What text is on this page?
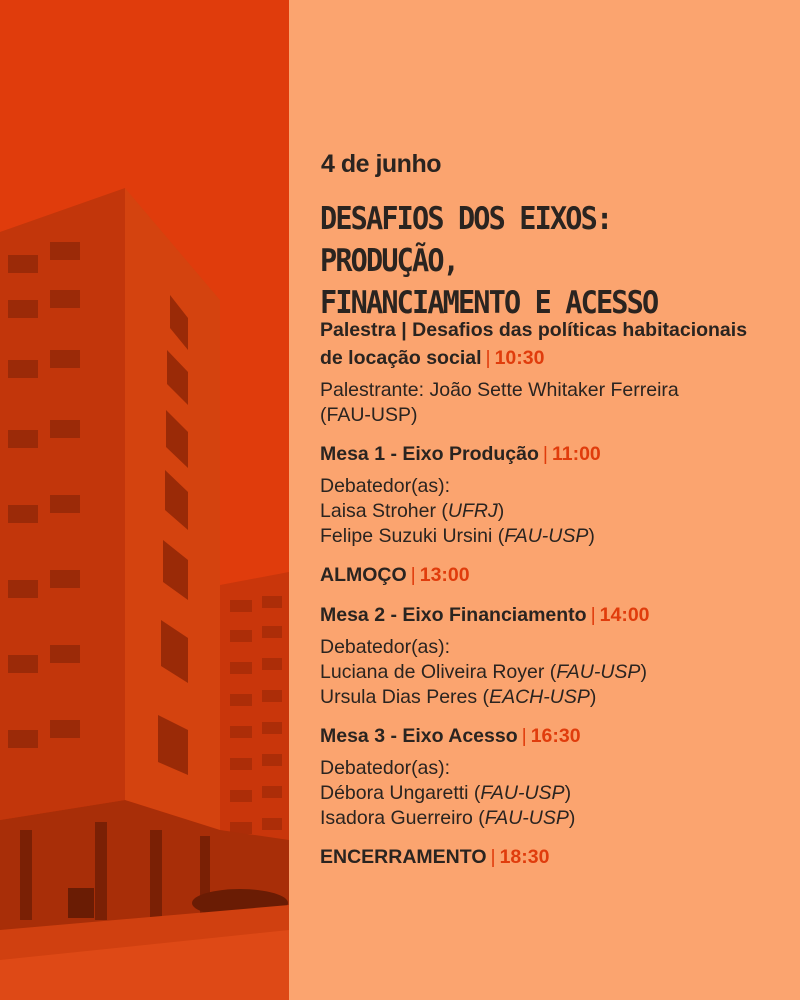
4 de junho
DESAFIOS DOS EIXOS: PRODUÇÃO,
FINANCIAMENTO E ACESSO
Palestra | Desafios das políticas habitacionais
de locação social | 10:30
Palestrante: João Sette Whitaker Ferreira
(FAU-USP)
Mesa 1 - Eixo Produção | 11:00
Debatedor(as):
Laisa Stroher (UFRJ)
Felipe Suzuki Ursini (FAU-USP)
ALMOÇO | 13:00
Mesa 2 - Eixo Financiamento | 14:00
Debatedor(as):
Luciana de Oliveira Royer (FAU-USP)
Ursula Dias Peres (EACH-USP)
Mesa 3 - Eixo Acesso | 16:30
Debatedor(as):
Débora Ungaretti (FAU-USP)
Isadora Guerreiro (FAU-USP)
ENCERRAMENTO | 18:30
